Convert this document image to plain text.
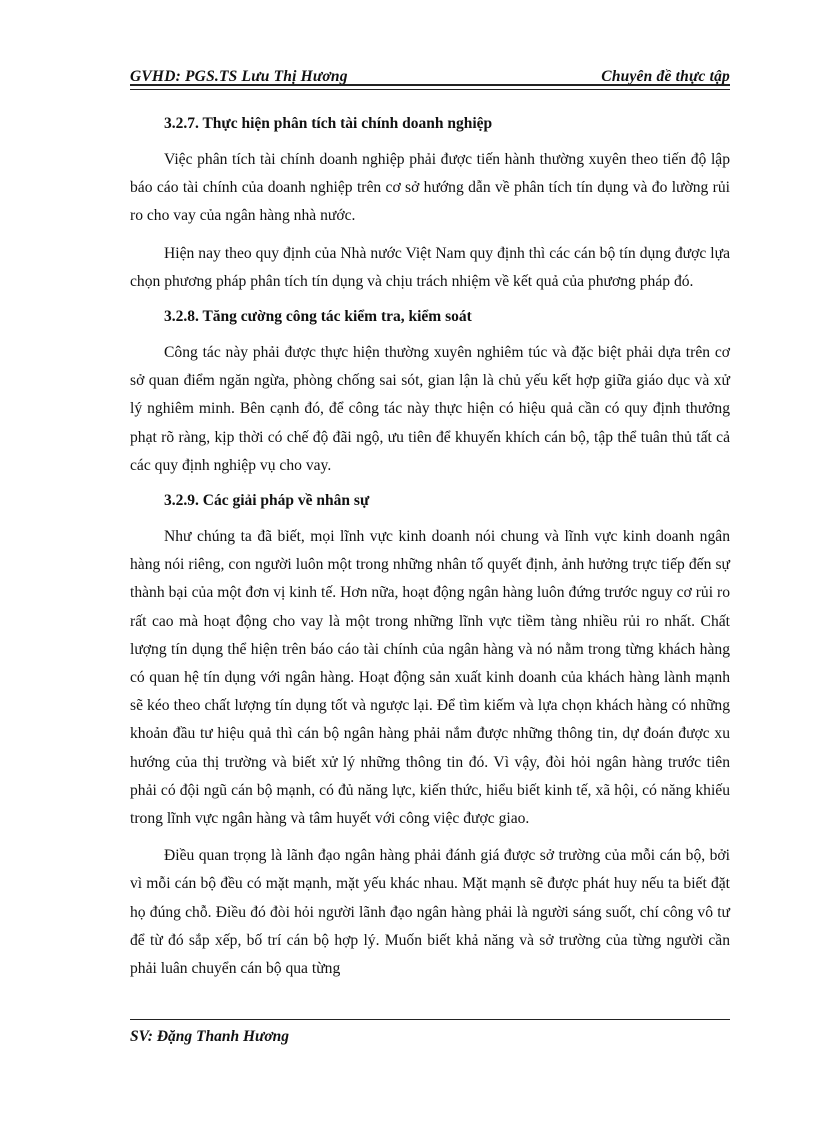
GVHD: PGS.TS Lưu Thị Hương	Chuyên đề thực tập
3.2.7. Thực hiện phân tích tài chính doanh nghiệp

Việc phân tích tài chính doanh nghiệp phải được tiến hành thường xuyên theo tiến độ lập báo cáo tài chính của doanh nghiệp trên cơ sở hướng dẫn về phân tích tín dụng và đo lường rủi ro cho vay của ngân hàng nhà nước.

Hiện nay theo quy định của Nhà nước Việt Nam quy định thì các cán bộ tín dụng được lựa chọn phương pháp phân tích tín dụng và chịu trách nhiệm về kết quả của phương pháp đó.

3.2.8. Tăng cường công tác kiểm tra, kiểm soát

Công tác này phải được thực hiện thường xuyên nghiêm túc và đặc biệt phải dựa trên cơ sở quan điểm ngăn ngừa, phòng chống sai sót, gian lận là chủ yếu kết hợp giữa giáo dục và xử lý nghiêm minh. Bên cạnh đó, để công tác này thực hiện có hiệu quả cần có quy định thưởng phạt rõ ràng, kịp thời có chế độ đãi ngộ, ưu tiên để khuyến khích cán bộ, tập thể tuân thủ tất cả các quy định nghiệp vụ cho vay.

3.2.9. Các giải pháp về nhân sự

Như chúng ta đã biết, mọi lĩnh vực kinh doanh nói chung và lĩnh vực kinh doanh ngân hàng nói riêng, con người luôn một trong những nhân tố quyết định, ảnh hưởng trực tiếp đến sự thành bại của một đơn vị kinh tế. Hơn nữa, hoạt động ngân hàng luôn đứng trước nguy cơ rủi ro rất cao mà hoạt động cho vay là một trong những lĩnh vực tiềm tàng nhiều rủi ro nhất. Chất lượng tín dụng thể hiện trên báo cáo tài chính của ngân hàng và nó nằm trong từng khách hàng có quan hệ tín dụng với ngân hàng. Hoạt động sản xuất kinh doanh của khách hàng lành mạnh sẽ kéo theo chất lượng tín dụng tốt và ngược lại. Để tìm kiếm và lựa chọn khách hàng có những khoản đầu tư hiệu quả thì cán bộ ngân hàng phải nắm được những thông tin, dự đoán được xu hướng của thị trường và biết xử lý những thông tin đó. Vì vậy, đòi hỏi ngân hàng trước tiên phải có đội ngũ cán bộ mạnh, có đủ năng lực, kiến thức, hiểu biết kinh tế, xã hội, có năng khiếu trong lĩnh vực ngân hàng và tâm huyết với công việc được giao.

Điều quan trọng là lãnh đạo ngân hàng phải đánh giá được sở trường của mỗi cán bộ, bởi vì mỗi cán bộ đều có mặt mạnh, mặt yếu khác nhau. Mặt mạnh sẽ được phát huy nếu ta biết đặt họ đúng chỗ. Điều đó đòi hỏi người lãnh đạo ngân hàng phải là người sáng suốt, chí công vô tư để từ đó sắp xếp, bố trí cán bộ hợp lý. Muốn biết khả năng và sở trường của từng người cần phải luân chuyển cán bộ qua từng

SV: Đặng Thanh Hương
